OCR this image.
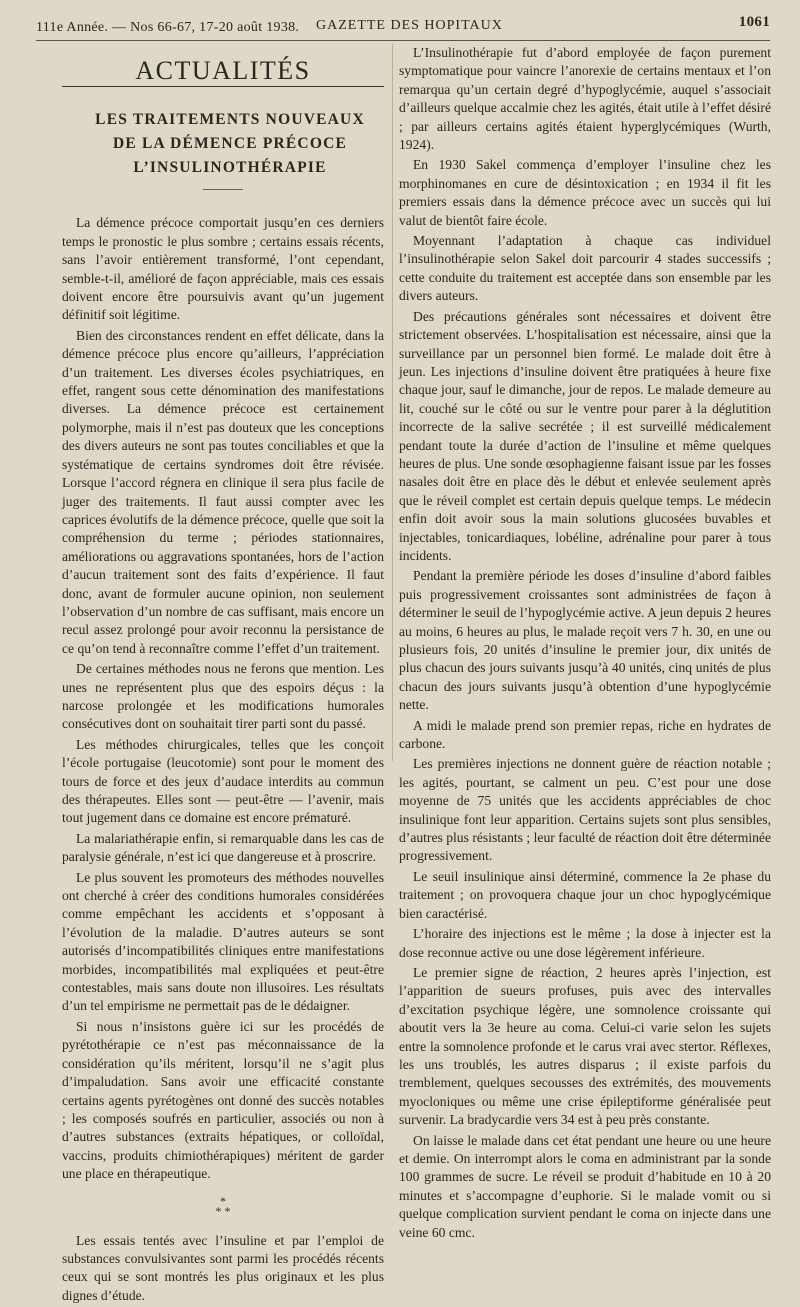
111e Année. — Nos 66-67, 17-20 août 1938. GAZETTE DES HOPITAUX	1061
ACTUALITÉS

LES TRAITEMENTS NOUVEAUX

DE LA DÉMENCE PRÉCOCE

L’INSULINOTHÉRAPIE

La démence précoce comportait jusqu’en ces derniers temps le pronostic le plus sombre ; certains essais récents, sans l’avoir entièrement transformé, l’ont cependant, semble-t-il, amélioré de façon appréciable, mais ces essais doivent encore être poursuivis avant qu’un jugement définitif soit légitime.

Bien des circonstances rendent en effet délicate, dans la démence précoce plus encore qu’ailleurs, l’appréciation d’un traitement. Les diverses écoles psychiatriques, en effet, rangent sous cette dénomination des manifestations diverses. La démence précoce est certainement polymorphe, mais il n’est pas douteux que les conceptions des divers auteurs ne sont pas toutes conciliables et que la systématique de certains syndromes doit être révisée. Lorsque l’accord régnera en clinique il sera plus facile de juger des traitements. Il faut aussi compter avec les caprices évolutifs de la démence précoce, quelle que soit la compréhension du terme ; périodes stationnaires, améliorations ou aggravations spontanées, hors de l’action d’aucun traitement sont des faits d’expérience. Il faut donc, avant de formuler aucune opinion, non seulement l’observation d’un nombre de cas suffisant, mais encore un recul assez prolongé pour avoir reconnu la persistance de ce qu’on tend à reconnaître comme l’effet d’un traitement.

De certaines méthodes nous ne ferons que mention. Les unes ne représentent plus que des espoirs déçus : la narcose prolongée et les modifications humorales consécutives dont on souhaitait tirer parti sont du passé.

Les méthodes chirurgicales, telles que les conçoit l’école portugaise (leucotomie) sont pour le moment des tours de force et des jeux d’audace interdits au commun des thérapeutes. Elles sont — peut-être — l’avenir, mais tout jugement dans ce domaine est encore prématuré.

La malariathérapie enfin, si remarquable dans les cas de paralysie générale, n’est ici que dangereuse et à proscrire.

Le plus souvent les promoteurs des méthodes nouvelles ont cherché à créer des conditions humorales considérées comme empêchant les accidents et s’opposant à l’évolution de la maladie. D’autres auteurs se sont autorisés d’incompatibilités cliniques entre manifestations morbides, incompatibilités mal expliquées et peut-être contestables, mais sans doute non illusoires. Les résultats d’un tel empirisme ne permettait pas de le dédaigner.

Si nous n’insistons guère ici sur les procédés de pyrétothérapie ce n’est pas méconnaissance de la considération qu’ils méritent, lorsqu’il ne s’agit plus d’impaludation. Sans avoir une efficacité constante certains agents pyrétogènes ont donné des succès notables ; les composés soufrés en particulier, associés ou non à d’autres substances (extraits hépatiques, or colloïdal, vaccins, produits chimiothérapiques) méritent de garder une place en thérapeutique.

*
* *

Les essais tentés avec l’insuline et par l’emploi de substances convulsivantes sont parmi les procédés récents ceux qui se sont montrés les plus originaux et les plus dignes d’étude.

L’Insulinothérapie fut d’abord employée de façon purement symptomatique pour vaincre l’anorexie de certains mentaux et l’on remarqua qu’un certain degré d’hypoglycémie, auquel s’associait d’ailleurs quelque accalmie chez les agités, était utile à l’effet désiré ; par ailleurs certains agités étaient hyperglycémiques (Wurth, 1924).

En 1930 Sakel commença d’employer l’insuline chez les morphinomanes en cure de désintoxication ; en 1934 il fit les premiers essais dans la démence précoce avec un succès qui lui valut de bientôt faire école.

Moyennant l’adaptation à chaque cas individuel l’insulinothérapie selon Sakel doit parcourir 4 stades successifs ; cette conduite du traitement est acceptée dans son ensemble par les divers auteurs.

Des précautions générales sont nécessaires et doivent être strictement observées. L’hospitalisation est nécessaire, ainsi que la surveillance par un personnel bien formé. Le malade doit être à jeun. Les injections d’insuline doivent être pratiquées à heure fixe chaque jour, sauf le dimanche, jour de repos. Le malade demeure au lit, couché sur le côté ou sur le ventre pour parer à la déglutition incorrecte de la salive secrétée ; il est surveillé médicalement pendant toute la durée d’action de l’insuline et même quelques heures de plus. Une sonde œsophagienne faisant issue par les fosses nasales doit être en place dès le début et enlevée seulement après que le réveil complet est certain depuis quelque temps. Le médecin enfin doit avoir sous la main solutions glucosées buvables et injectables, tonicardiaques, lobéline, adrénaline pour parer à tous incidents.

Pendant la première période les doses d’insuline d’abord faibles puis progressivement croissantes sont administrées de façon à déterminer le seuil de l’hypoglycémie active. A jeun depuis 2 heures au moins, 6 heures au plus, le malade reçoit vers 7 h. 30, en une ou plusieurs fois, 20 unités d’insuline le premier jour, dix unités de plus chacun des jours suivants jusqu’à 40 unités, cinq unités de plus chacun des jours suivants jusqu’à obtention d’une hypoglycémie nette.

A midi le malade prend son premier repas, riche en hydrates de carbone.

Les premières injections ne donnent guère de réaction notable ; les agités, pourtant, se calment un peu. C’est pour une dose moyenne de 75 unités que les accidents appréciables de choc insulinique font leur apparition. Certains sujets sont plus sensibles, d’autres plus résistants ; leur faculté de réaction doit être déterminée progressivement.

Le seuil insulinique ainsi déterminé, commence la 2e phase du traitement ; on provoquera chaque jour un choc hypoglycémique bien caractérisé.

L’horaire des injections est le même ; la dose à injecter est la dose reconnue active ou une dose légèrement inférieure.

Le premier signe de réaction, 2 heures après l’injection, est l’apparition de sueurs profuses, puis avec des intervalles d’excitation psychique légère, une somnolence croissante qui aboutit vers la 3e heure au coma. Celui-ci varie selon les sujets entre la somnolence profonde et le carus vrai avec stertor. Réflexes, les uns troublés, les autres disparus ; il existe parfois du tremblement, quelques secousses des extrémités, des mouvements myocloniques ou même une crise épileptiforme généralisée peut survenir. La bradycardie vers 34 est à peu près constante.

On laisse le malade dans cet état pendant une heure ou une heure et demie. On interrompt alors le coma en administrant par la sonde 100 grammes de sucre. Le réveil se produit d’habitude en 10 à 20 minutes et s’accompagne d’euphorie. Si le malade vomit ou si quelque complication survient pendant le coma on injecte dans une veine 60 cmc.
